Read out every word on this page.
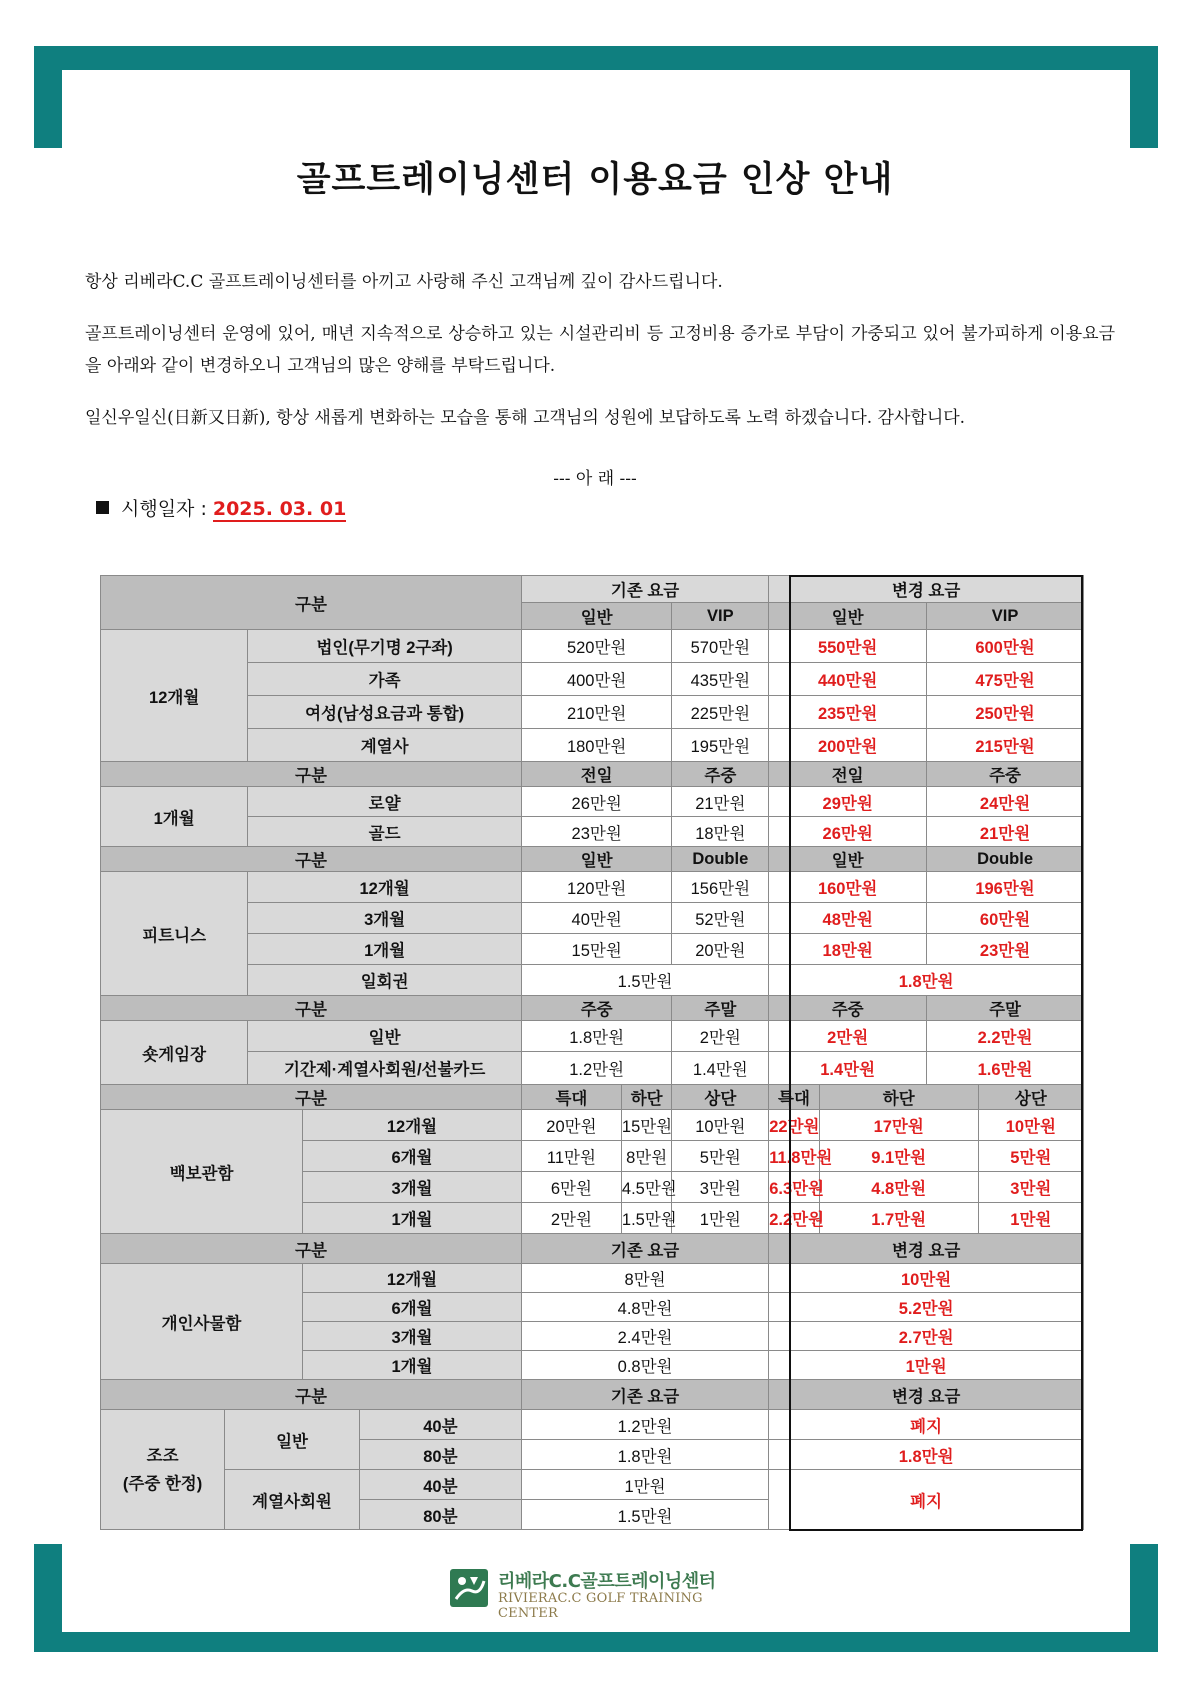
골프트레이닝센터 이용요금 인상 안내
항상 리베라C.C 골프트레이닝센터를 아끼고 사랑해 주신 고객님께 깊이 감사드립니다.
골프트레이닝센터 운영에 있어, 매년 지속적으로 상승하고 있는 시설관리비 등 고정비용 증가로 부담이 가중되고 있어 불가피하게 이용요금을 아래와 같이 변경하오니 고객님의 많은 양해를 부탁드립니다.
일신우일신(日新又日新), 항상 새롭게 변화하는 모습을 통해 고객님의 성원에 보답하도록 노력 하겠습니다. 감사합니다.
--- 아 래 ---
시행일자 : 2025. 03. 01
구분					기존 요금			변경 요금			
					일반		VIP	일반		VIP	
12개월		법인(무기명 2구좌)			520만원		570만원	550만원		600만원	
		가족			400만원		435만원	440만원		475만원	
		여성(남성요금과 통합)			210만원		225만원	235만원		250만원	
		계열사			180만원		195만원	200만원		215만원	
구분					전일		주중	전일		주중	
1개월		로얄			26만원		21만원	29만원		24만원	
		골드			23만원		18만원	26만원		21만원	
구분					일반		Double	일반		Double	
피트니스		12개월			120만원		156만원	160만원		196만원	
		3개월			40만원		52만원	48만원		60만원	
		1개월			15만원		20만원	18만원		23만원	
		일회권			1.5만원			1.8만원			
구분					주중		주말	주중		주말	
숏게임장		일반			1.8만원		2만원	2만원		2.2만원	
		기간제·계열사회원/선불카드			1.2만원		1.4만원	1.4만원		1.6만원	
구분					특대	하단	상단	특대	하단		상단
백보관함			12개월		20만원	15만원	10만원	22만원	17만원		10만원
			6개월		11만원	8만원	5만원	11.8만원	9.1만원		5만원
			3개월		6만원	4.5만원	3만원	6.3만원	4.8만원		3만원
			1개월		2만원	1.5만원	1만원	2.2만원	1.7만원		1만원
구분					기존 요금			변경 요금			
개인사물함			12개월		8만원			10만원			
			6개월		4.8만원			5.2만원			
			3개월		2.4만원			2.7만원			
			1개월		0.8만원			1만원			
구분					기존 요금			변경 요금			

조조
(주중 한정)	일반			40분	1.2만원			폐지			
				80분	1.8만원			1.8만원			
	계열사회원			40분	1만원			폐지			
				80분	1.5만원						
리베라C.C골프트레이닝센터
RIVIERAC.C GOLF TRAINING CENTER
